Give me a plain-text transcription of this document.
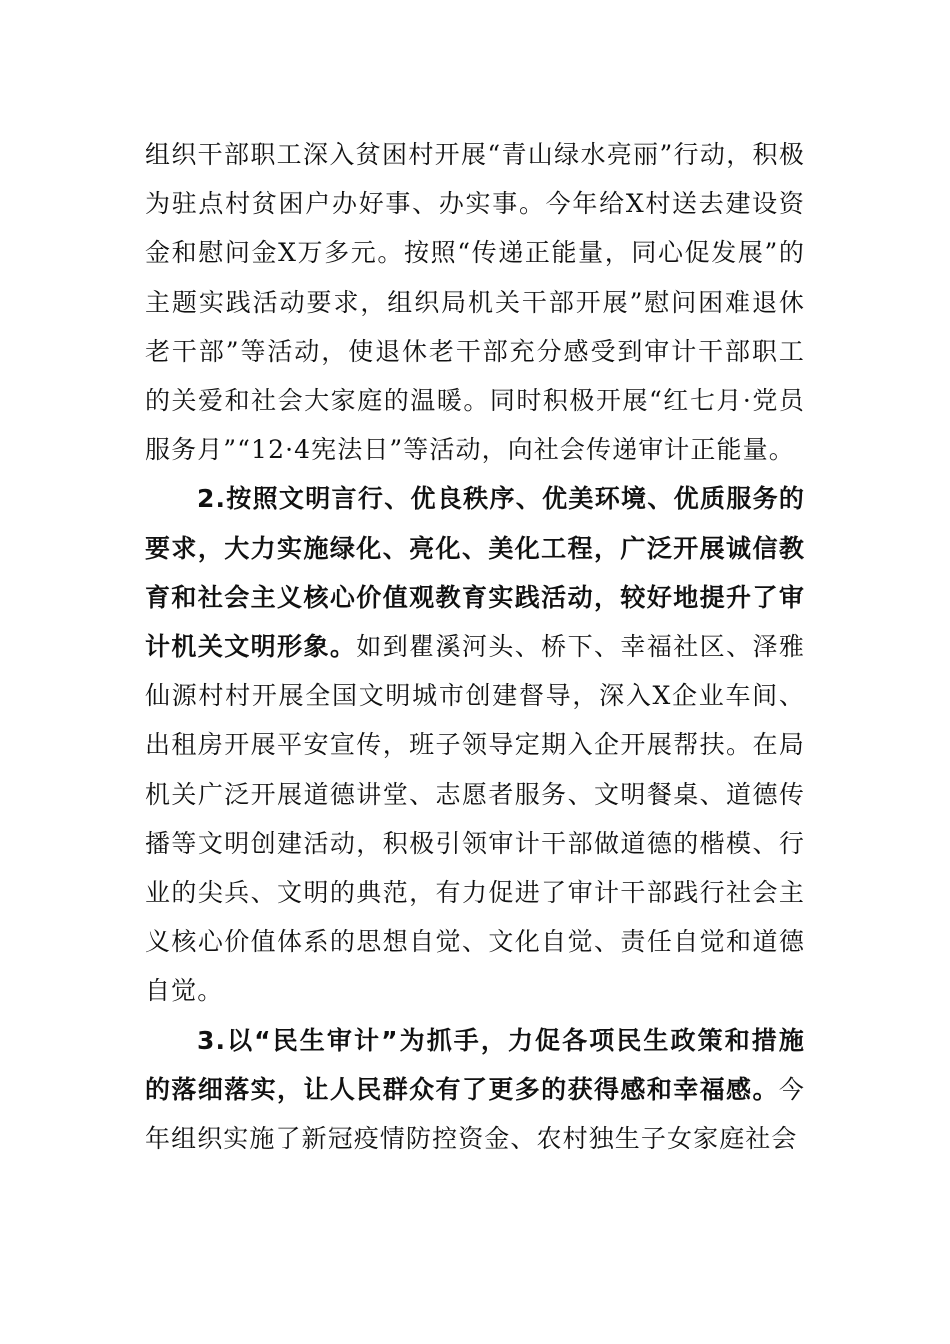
组织干部职工深入贫困村开展“青山绿水亮丽”行动，积极为驻点村贫困户办好事、办实事。今年给X村送去建设资金和慰问金X万多元。按照“传递正能量，同心促发展”的主题实践活动要求，组织局机关干部开展”慰问困难退休老干部”等活动，使退休老干部充分感受到审计干部职工的关爱和社会大家庭的温暖。同时积极开展“红七月·党员服务月”“12·4宪法日”等活动，向社会传递审计正能量。

2.按照文明言行、优良秩序、优美环境、优质服务的要求，大力实施绿化、亮化、美化工程，广泛开展诚信教育和社会主义核心价值观教育实践活动，较好地提升了审计机关文明形象。如到瞿溪河头、桥下、幸福社区、泽雅仙源村村开展全国文明城市创建督导，深入X企业车间、出租房开展平安宣传，班子领导定期入企开展帮扶。在局机关广泛开展道德讲堂、志愿者服务、文明餐桌、道德传播等文明创建活动，积极引领审计干部做道德的楷模、行业的尖兵、文明的典范，有力促进了审计干部践行社会主义核心价值体系的思想自觉、文化自觉、责任自觉和道德自觉。

3.以“民生审计”为抓手，力促各项民生政策和措施的落细落实，让人民群众有了更多的获得感和幸福感。今年组织实施了新冠疫情防控资金、农村独生子女家庭社会
